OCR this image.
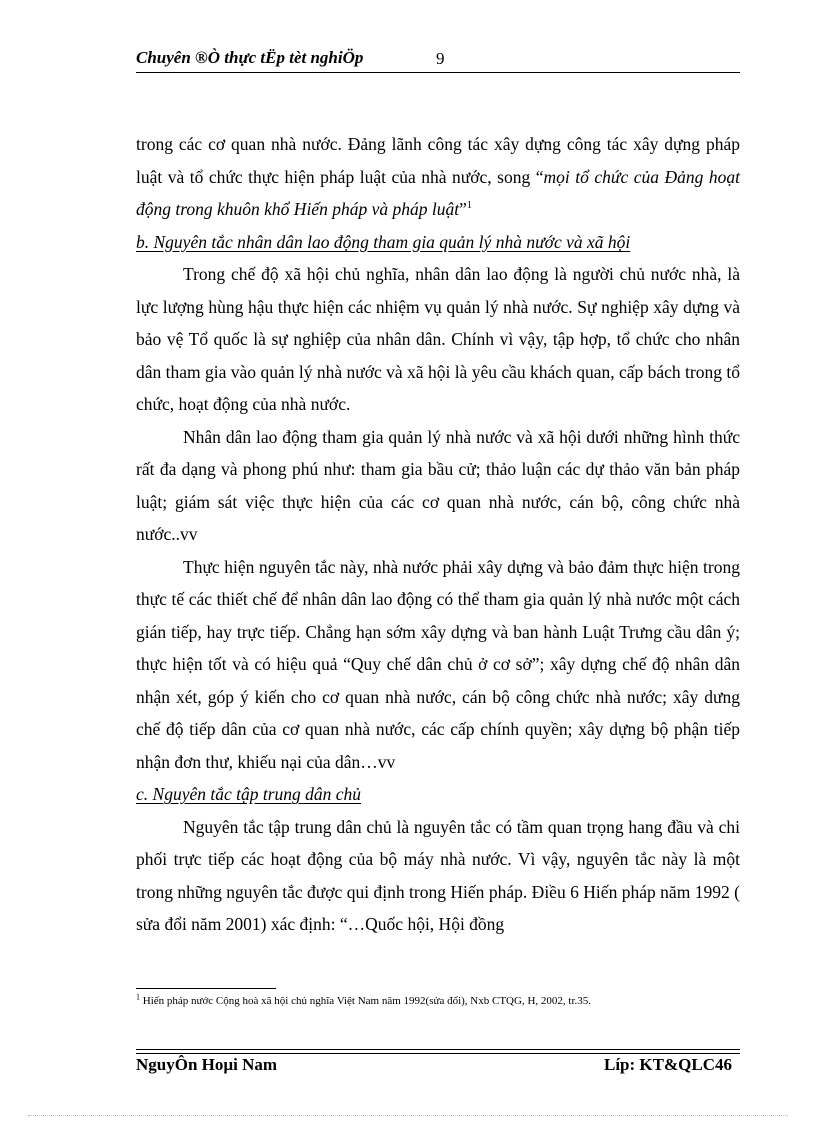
Chuyên ®Ò thực tËp tèt nghiÖp	9

trong các cơ quan nhà nước. Đảng lãnh công tác xây dựng công tác xây dựng pháp luật và tổ chức thực hiện pháp luật của nhà nước, song “mọi tổ chức của Đảng hoạt động trong khuôn khổ Hiến pháp và pháp luật”$^1$

b. Nguyên tắc nhân dân lao động tham gia quản lý nhà nước và xã hội

Trong chế độ xã hội chủ nghĩa, nhân dân lao động là người chủ nước nhà, là lực lượng hùng hậu thực hiện các nhiệm vụ quản lý nhà nước. Sự nghiệp xây dựng và bảo vệ Tổ quốc là sự nghiệp của nhân dân. Chính vì vậy, tập hợp, tổ chức cho nhân dân tham gia vào quản lý nhà nước và xã hội là yêu cầu khách quan, cấp bách trong tổ chức, hoạt động của nhà nước.

Nhân dân lao động tham gia quản lý nhà nước và xã hội dưới những hình thức rất đa dạng và phong phú như: tham gia bầu cử; thảo luận các dự thảo văn bản pháp luật; giám sát việc thực hiện của các cơ quan nhà nước, cán bộ, công chức nhà nước..vv

Thực hiện nguyên tắc này, nhà nước phải xây dựng và bảo đảm thực hiện trong thực tế các thiết chế để nhân dân lao động có thể tham gia quản lý nhà nước một cách gián tiếp, hay trực tiếp. Chẳng hạn sớm xây dựng và ban hành Luật Trưng cầu dân ý; thực hiện tốt và có hiệu quả “Quy chế dân chủ ở cơ sở”; xây dựng chế độ nhân dân nhận xét, góp ý kiến cho cơ quan nhà nước, cán bộ công chức nhà nước; xây dưng chế độ tiếp dân của cơ quan nhà nước, các cấp chính quyền; xây dựng bộ phận tiếp nhận đơn thư, khiếu nại của dân…vv

c. Nguyên tắc tập trung dân chủ

Nguyên tắc tập trung dân chủ là nguyên tắc có tầm quan trọng hang đầu và chi phối trực tiếp các hoạt động của bộ máy nhà nước. Vì vậy, nguyên tắc này là một trong những nguyên tắc được qui định trong Hiến pháp. Điều 6 Hiến pháp năm 1992 ( sửa đổi năm 2001) xác định: “…Quốc hội, Hội đồng

$^1$ Hiến pháp nước Cộng hoà xã hội chủ nghĩa Việt Nam năm 1992(sửa đổi), Nxb CTQG, H, 2002, tr.35.
NguyÔn Hoµi Nam	Líp: KT&QLC46
